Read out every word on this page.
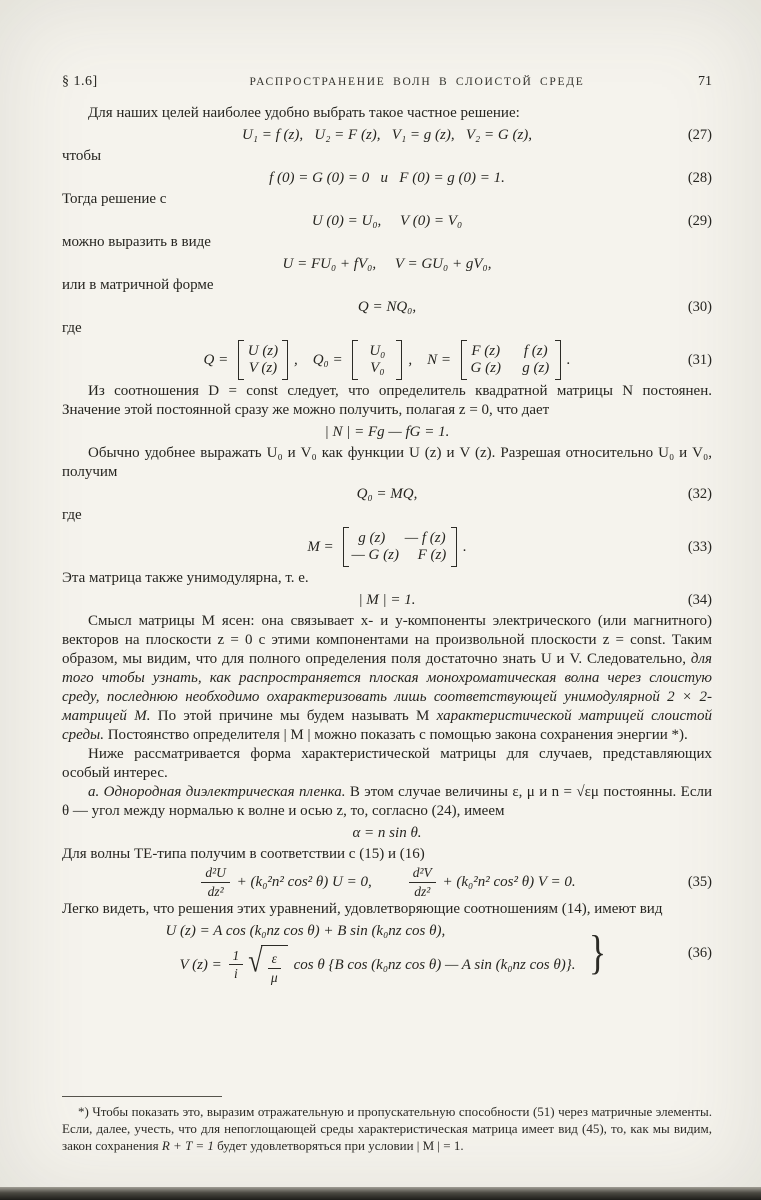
§ 1.6]	РАСПРОСТРАНЕНИЕ ВОЛН В СЛОИСТОЙ СРЕДЕ	71

Для наших целей наиболее удобно выбрать такое частное решение:

U₁ = f (z),   U₂ = F (z),   V₁ = g (z),   V₂ = G (z),	(27)

чтобы

f (0) = G (0) = 0   и   F (0) = g (0) = 1.	(28)

Тогда решение с

U (0) = U₀,     V (0) = V₀	(29)

можно выразить в виде

U = FU₀ + fV₀,     V = GU₀ + gV₀,

или в матричной форме

Q = NQ₀,	(30)

где

Q =
U (z)
V (z) ,    Q₀ =
U₀
V₀	,    N =
F (z)	f (z)
G (z) g (z) .	(31)

Из соотношения D = const следует, что определитель квадратной матрицы N постоянен. Значение этой постоянной сразу же можно получить, полагая z = 0, что дает

| N | = Fg — fG = 1.

Обычно удобнее выражать U₀ и V₀ как функции U (z) и V (z). Разрешая относительно U₀ и V₀, получим

Q₀ = MQ,	(32)

где

M =
g (z) — f (z)
— G (z) F (z) .	(33)

Эта матрица также унимодулярна, т. е.

| M | = 1.	(34)

Смысл матрицы M ясен: она связывает x- и y-компоненты электрического (или магнитного) векторов на плоскости z = 0 с этими компонентами на произвольной плоскости z = const. Таким образом, мы видим, что для полного определения поля достаточно знать U и V. Следовательно, для того чтобы узнать, как распространяется плоская монохроматическая волна через слоистую среду, последнюю необходимо охарактеризовать лишь соответствующей унимодулярной 2 × 2-матрицей M. По этой причине мы будем называть M характеристической матрицей слоистой среды. Постоянство определителя | M | можно показать с помощью закона сохранения энергии *).

Ниже рассматривается форма характеристической матрицы для случаев, представляющих особый интерес.

а. Однородная диэлектрическая пленка. В этом случае величины ε, μ и n = √εμ постоянны. Если θ — угол между нормалью к волне и осью z, то, согласно (24), имеем

α = n sin θ.

Для волны TE-типа получим в соответствии с (15) и (16)

$\frac{\text{d²U}}{\text{dz²}} + (k_0^2n^2$ cos² θ) U = 0,	$\frac{\text{d²V}}{\text{dz²}} + (k_0^2n^2$ cos² θ) V = 0.	(35)

Легко видеть, что решения этих уравнений, удовлетворяющие соотношениям (14), имеют вид

U (z) = A cos (k₀nz cos θ) + B sin (k₀nz cos θ),
V $(z) = \frac{1}{i}$ √ $\frac{\varepsilon}{\mu}$ cos θ {B cos (k₀nz cos θ) — A sin (k₀nz cos θ)}. }	(36)

*) Чтобы показать это, выразим отражательную и пропускательную способности (51) через матричные элементы. Если, далее, учесть, что для непоглощающей среды характеристическая матрица имеет вид (45), то, как мы видим, закон сохранения R + T = 1 будет удовлетворяться при условии | M | = 1.
